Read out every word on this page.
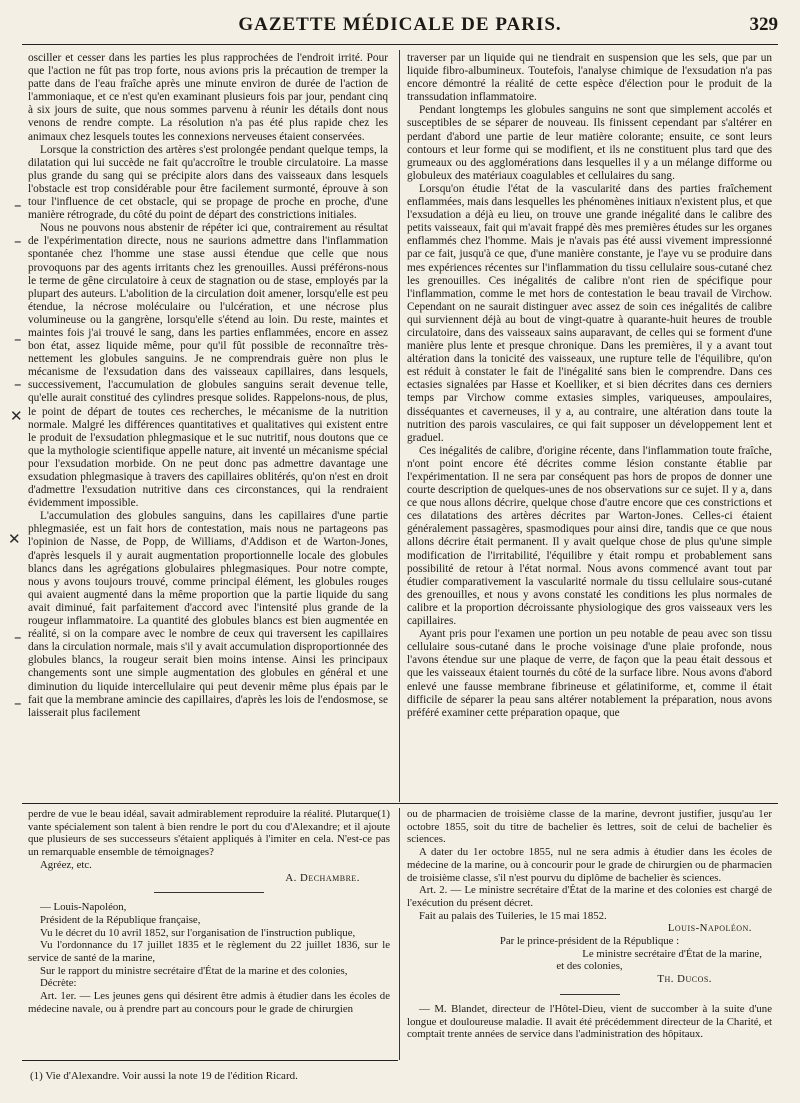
GAZETTE MÉDICALE DE PARIS.	329

osciller et cesser dans les parties les plus rapprochées de l'endroit irrité. Pour que l'action ne fût pas trop forte, nous avions pris la précaution de tremper la patte dans de l'eau fraîche après une minute environ de durée de l'action de l'ammoniaque, et ce n'est qu'en examinant plusieurs fois par jour, pendant cinq à six jours de suite, que nous sommes parvenu à réunir les détails dont nous venons de rendre compte. La résolution n'a pas été plus rapide chez les animaux chez lesquels toutes les connexions nerveuses étaient conservées.

Lorsque la constriction des artères s'est prolongée pendant quelque temps, la dilatation qui lui succède ne fait qu'accroître le trouble circulatoire. La masse plus grande du sang qui se précipite alors dans des vaisseaux dans lesquels l'obstacle est trop considérable pour être facilement surmonté, éprouve à son tour l'influence de cet obstacle, qui se propage de proche en proche, d'une manière rétrograde, du côté du point de départ des constrictions initiales.

Nous ne pouvons nous abstenir de répéter ici que, contrairement au résultat de l'expérimentation directe, nous ne saurions admettre dans l'inflammation spontanée chez l'homme une stase aussi étendue que celle que nous provoquons par des agents irritants chez les grenouilles. Aussi préférons-nous le terme de gêne circulatoire à ceux de stagnation ou de stase, employés par la plupart des auteurs. L'abolition de la circulation doit amener, lorsqu'elle est peu étendue, la nécrose moléculaire ou l'ulcération, et une nécrose plus volumineuse ou la gangrène, lorsqu'elle s'étend au loin. Du reste, maintes et maintes fois j'ai trouvé le sang, dans les parties enflammées, encore en assez bon état, assez liquide même, pour qu'il fût possible de reconnaître très-nettement les globules sanguins. Je ne comprendrais guère non plus le mécanisme de l'exsudation dans des vaisseaux capillaires, dans lesquels, successivement, l'accumulation de globules sanguins serait devenue telle, qu'elle aurait constitué des cylindres presque solides. Rappelons-nous, de plus, le point de départ de toutes ces recherches, le mécanisme de la nutrition normale. Malgré les différences quantitatives et qualitatives qui existent entre le produit de l'exsudation phlegmasique et le suc nutritif, nous doutons que ce que la mythologie scientifique appelle nature, ait inventé un mécanisme spécial pour l'exsudation morbide. On ne peut donc pas admettre davantage une exsudation phlegmasique à travers des capillaires oblitérés, qu'on n'est en droit d'admettre l'exsudation nutritive dans ces circonstances, qui la rendraient évidemment impossible.

L'accumulation des globules sanguins, dans les capillaires d'une partie phlegmasiée, est un fait hors de contestation, mais nous ne partageons pas l'opinion de Nasse, de Popp, de Williams, d'Addison et de Warton-Jones, d'après lesquels il y aurait augmentation proportionnelle locale des globules blancs dans les agrégations globulaires phlegmasiques. Pour notre compte, nous y avons toujours trouvé, comme principal élément, les globules rouges qui avaient augmenté dans la même proportion que la partie liquide du sang avait diminué, fait parfaitement d'accord avec l'intensité plus grande de la rougeur inflammatoire. La quantité des globules blancs est bien augmentée en réalité, si on la compare avec le nombre de ceux qui traversent les capillaires dans la circulation normale, mais s'il y avait accumulation disproportionnée des globules blancs, la rougeur serait bien moins intense. Ainsi les principaux changements sont une simple augmentation des globules en général et une diminution du liquide intercellulaire qui peut devenir même plus épais par le fait que la membrane amincie des capillaires, d'après les lois de l'endosmose, se laisserait plus facilement

traverser par un liquide qui ne tiendrait en suspension que les sels, que par un liquide fibro-albumineux. Toutefois, l'analyse chimique de l'exsudation n'a pas encore démontré la réalité de cette espèce d'élection pour le produit de la transsudation inflammatoire.

Pendant longtemps les globules sanguins ne sont que simplement accolés et susceptibles de se séparer de nouveau. Ils finissent cependant par s'altérer en perdant d'abord une partie de leur matière colorante; ensuite, ce sont leurs contours et leur forme qui se modifient, et ils ne constituent plus tard que des grumeaux ou des agglomérations dans lesquelles il y a un mélange difforme ou globuleux des matériaux coagulables et cellulaires du sang.

Lorsqu'on étudie l'état de la vascularité dans des parties fraîchement enflammées, mais dans lesquelles les phénomènes initiaux n'existent plus, et que l'exsudation a déjà eu lieu, on trouve une grande inégalité dans le calibre des petits vaisseaux, fait qui m'avait frappé dès mes premières études sur les organes enflammés chez l'homme. Mais je n'avais pas été aussi vivement impressionné par ce fait, jusqu'à ce que, d'une manière constante, je l'aye vu se produire dans mes expériences récentes sur l'inflammation du tissu cellulaire sous-cutané chez les grenouilles. Ces inégalités de calibre n'ont rien de spécifique pour l'inflammation, comme le met hors de contestation le beau travail de Virchow. Cependant on ne saurait distinguer avec assez de soin ces inégalités de calibre qui surviennent déjà au bout de vingt-quatre à quarante-huit heures de trouble circulatoire, dans des vaisseaux sains auparavant, de celles qui se forment d'une manière plus lente et presque chronique. Dans les premières, il y a avant tout altération dans la tonicité des vaisseaux, une rupture telle de l'équilibre, qu'on est réduit à constater le fait de l'inégalité sans bien le comprendre. Dans ces ectasies signalées par Hasse et Koelliker, et si bien décrites dans ces derniers temps par Virchow comme extasies simples, variqueuses, ampoulaires, disséquantes et caverneuses, il y a, au contraire, une altération dans toute la nutrition des parois vasculaires, ce qui fait supposer un développement lent et graduel.

Ces inégalités de calibre, d'origine récente, dans l'inflammation toute fraîche, n'ont point encore été décrites comme lésion constante établie par l'expérimentation. Il ne sera par conséquent pas hors de propos de donner une courte description de quelques-unes de nos observations sur ce sujet. Il y a, dans ce que nous allons décrire, quelque chose d'autre encore que ces constrictions et ces dilatations des artères décrites par Warton-Jones. Celles-ci étaient généralement passagères, spasmodiques pour ainsi dire, tandis que ce que nous allons décrire était permanent. Il y avait quelque chose de plus qu'une simple modification de l'irritabilité, l'équilibre y était rompu et probablement sans possibilité de retour à l'état normal. Nous avons commencé avant tout par étudier comparativement la vascularité normale du tissu cellulaire sous-cutané des grenouilles, et nous y avons constaté les conditions les plus normales de calibre et la proportion décroissante physiologique des gros vaisseaux vers les capillaires.

Ayant pris pour l'examen une portion un peu notable de peau avec son tissu cellulaire sous-cutané dans le proche voisinage d'une plaie profonde, nous l'avons étendue sur une plaque de verre, de façon que la peau était dessous et que les vaisseaux étaient tournés du côté de la surface libre. Nous avons d'abord enlevé une fausse membrane fibrineuse et gélatiniforme, et, comme il était difficile de séparer la peau sans altérer notablement la préparation, nous avons préféré examiner cette préparation opaque, que

–
–
–
–
✕
✕
–
–

perdre de vue le beau idéal, savait admirablement reproduire la réalité. Plutarque(1) vante spécialement son talent à bien rendre le port du cou d'Alexandre; et il ajoute que plusieurs de ses successeurs s'étaient appliqués à l'imiter en cela. N'est-ce pas un remarquable ensemble de témoignages?

Agréez, etc.

A. Dechambre.

— Louis-Napoléon,

Président de la République française,

Vu le décret du 10 avril 1852, sur l'organisation de l'instruction publique,

Vu l'ordonnance du 17 juillet 1835 et le règlement du 22 juillet 1836, sur le service de santé de la marine,

Sur le rapport du ministre secrétaire d'État de la marine et des colonies,

Décrète:

Art. 1er. — Les jeunes gens qui désirent être admis à étudier dans les écoles de médecine navale, ou à prendre part au concours pour le grade de chirurgien

ou de pharmacien de troisième classe de la marine, devront justifier, jusqu'au 1er octobre 1855, soit du titre de bachelier ès lettres, soit de celui de bachelier ès sciences.

A dater du 1er octobre 1855, nul ne sera admis à étudier dans les écoles de médecine de la marine, ou à concourir pour le grade de chirurgien ou de pharmacien de troisième classe, s'il n'est pourvu du diplôme de bachelier ès sciences.

Art. 2. — Le ministre secrétaire d'État de la marine et des colonies est chargé de l'exécution du présent décret.

Fait au palais des Tuileries, le 15 mai 1852.

Louis-Napoléon.
Par le prince-président de la République :
Le ministre secrétaire d'État de la marine,
et des colonies,
Th. Ducos.

— M. Blandet, directeur de l'Hôtel-Dieu, vient de succomber à la suite d'une longue et douloureuse maladie. Il avait été précédemment directeur de la Charité, et comptait trente années de service dans l'administration des hôpitaux.

(1) Vie d'Alexandre. Voir aussi la note 19 de l'édition Ricard.
